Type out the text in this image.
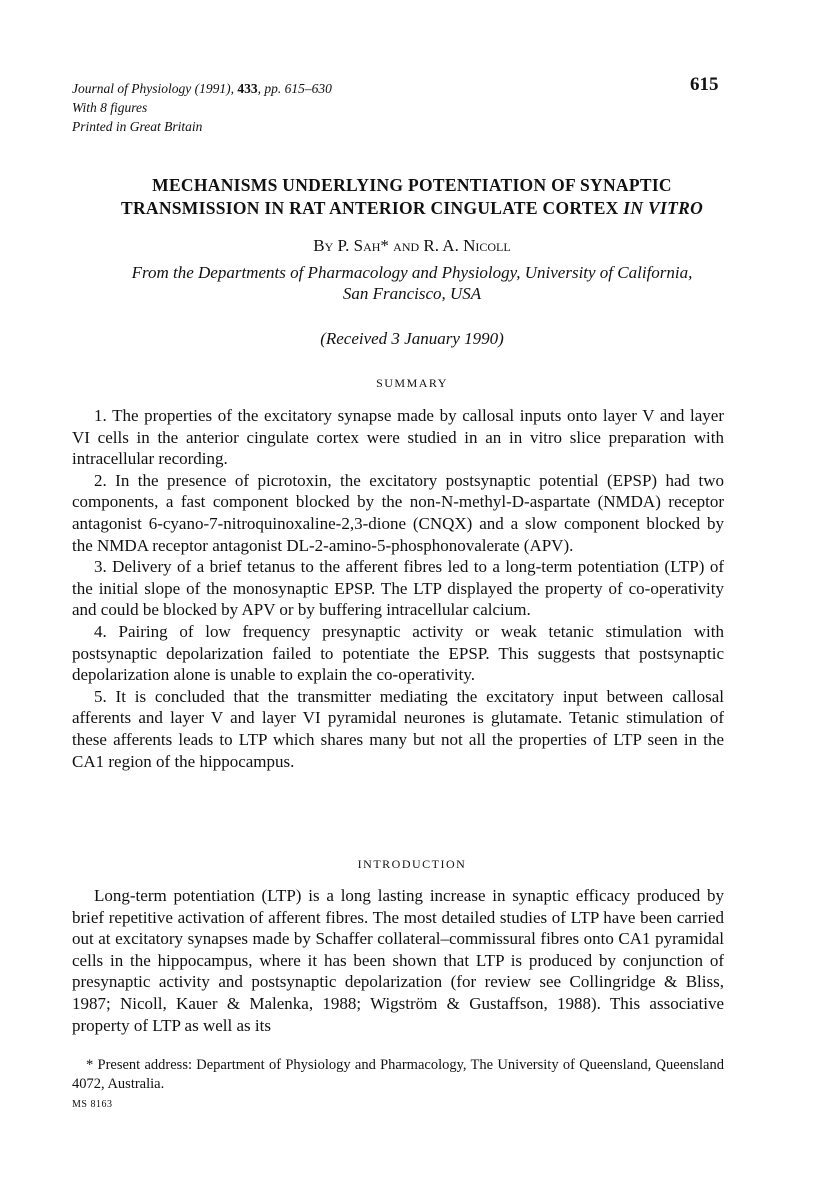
Journal of Physiology (1991), 433, pp. 615–630
With 8 figures
Printed in Great Britain
615
MECHANISMS UNDERLYING POTENTIATION OF SYNAPTIC
TRANSMISSION IN RAT ANTERIOR CINGULATE CORTEX IN VITRO
By P. Sah* and R. A. Nicoll
From the Departments of Pharmacology and Physiology, University of California,
San Francisco, USA
(Received 3 January 1990)
SUMMARY

1. The properties of the excitatory synapse made by callosal inputs onto layer V and layer VI cells in the anterior cingulate cortex were studied in an in vitro slice preparation with intracellular recording.

2. In the presence of picrotoxin, the excitatory postsynaptic potential (EPSP) had two components, a fast component blocked by the non-N-methyl-D-aspartate (NMDA) receptor antagonist 6-cyano-7-nitroquinoxaline-2,3-dione (CNQX) and a slow component blocked by the NMDA receptor antagonist DL-2-amino-5-phosphonovalerate (APV).

3. Delivery of a brief tetanus to the afferent fibres led to a long-term potentiation (LTP) of the initial slope of the monosynaptic EPSP. The LTP displayed the property of co-operativity and could be blocked by APV or by buffering intracellular calcium.

4. Pairing of low frequency presynaptic activity or weak tetanic stimulation with postsynaptic depolarization failed to potentiate the EPSP. This suggests that postsynaptic depolarization alone is unable to explain the co-operativity.

5. It is concluded that the transmitter mediating the excitatory input between callosal afferents and layer V and layer VI pyramidal neurones is glutamate. Tetanic stimulation of these afferents leads to LTP which shares many but not all the properties of LTP seen in the CA1 region of the hippocampus.

INTRODUCTION

Long-term potentiation (LTP) is a long lasting increase in synaptic efficacy produced by brief repetitive activation of afferent fibres. The most detailed studies of LTP have been carried out at excitatory synapses made by Schaffer collateral–commissural fibres onto CA1 pyramidal cells in the hippocampus, where it has been shown that LTP is produced by conjunction of presynaptic activity and postsynaptic depolarization (for review see Collingridge & Bliss, 1987; Nicoll, Kauer & Malenka, 1988; Wigström & Gustaffson, 1988). This associative property of LTP as well as its

* Present address: Department of Physiology and Pharmacology, The University of Queensland, Queensland 4072, Australia.
MS 8163
